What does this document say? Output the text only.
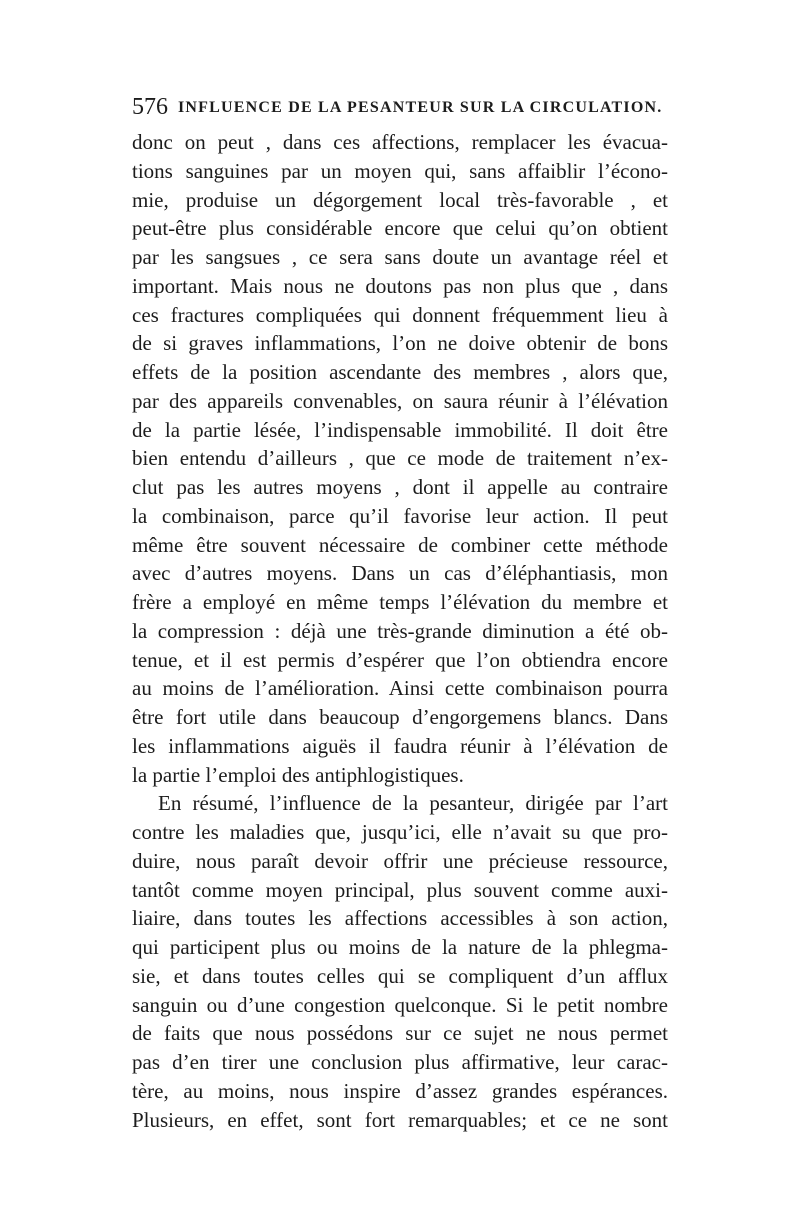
576 INFLUENCE DE LA PESANTEUR SUR LA CIRCULATION.
donc on peut , dans ces affections, remplacer les évacua-
tions sanguines par un moyen qui, sans affaiblir l’écono-
mie, produise un dégorgement local très-favorable , et
peut-être plus considérable encore que celui qu’on obtient
par les sangsues , ce sera sans doute un avantage réel et
important. Mais nous ne doutons pas non plus que , dans
ces fractures compliquées qui donnent fréquemment lieu à
de si graves inflammations, l’on ne doive obtenir de bons
effets de la position ascendante des membres , alors que,
par des appareils convenables, on saura réunir à l’élévation
de la partie lésée, l’indispensable immobilité. Il doit être
bien entendu d’ailleurs , que ce mode de traitement n’ex-
clut pas les autres moyens , dont il appelle au contraire
la combinaison, parce qu’il favorise leur action. Il peut
même être souvent nécessaire de combiner cette méthode
avec d’autres moyens. Dans un cas d’éléphantiasis, mon
frère a employé en même temps l’élévation du membre et
la compression : déjà une très-grande diminution a été ob-
tenue, et il est permis d’espérer que l’on obtiendra encore
au moins de l’amélioration. Ainsi cette combinaison pourra
être fort utile dans beaucoup d’engorgemens blancs. Dans
les inflammations aiguës il faudra réunir à l’élévation de
la partie l’emploi des antiphlogistiques.
En résumé, l’influence de la pesanteur, dirigée par l’art
contre les maladies que, jusqu’ici, elle n’avait su que pro-
duire, nous paraît devoir offrir une précieuse ressource,
tantôt comme moyen principal, plus souvent comme auxi-
liaire, dans toutes les affections accessibles à son action,
qui participent plus ou moins de la nature de la phlegma-
sie, et dans toutes celles qui se compliquent d’un afflux
sanguin ou d’une congestion quelconque. Si le petit nombre
de faits que nous possédons sur ce sujet ne nous permet
pas d’en tirer une conclusion plus affirmative, leur carac-
tère, au moins, nous inspire d’assez grandes espérances.
Plusieurs, en effet, sont fort remarquables; et ce ne sont
